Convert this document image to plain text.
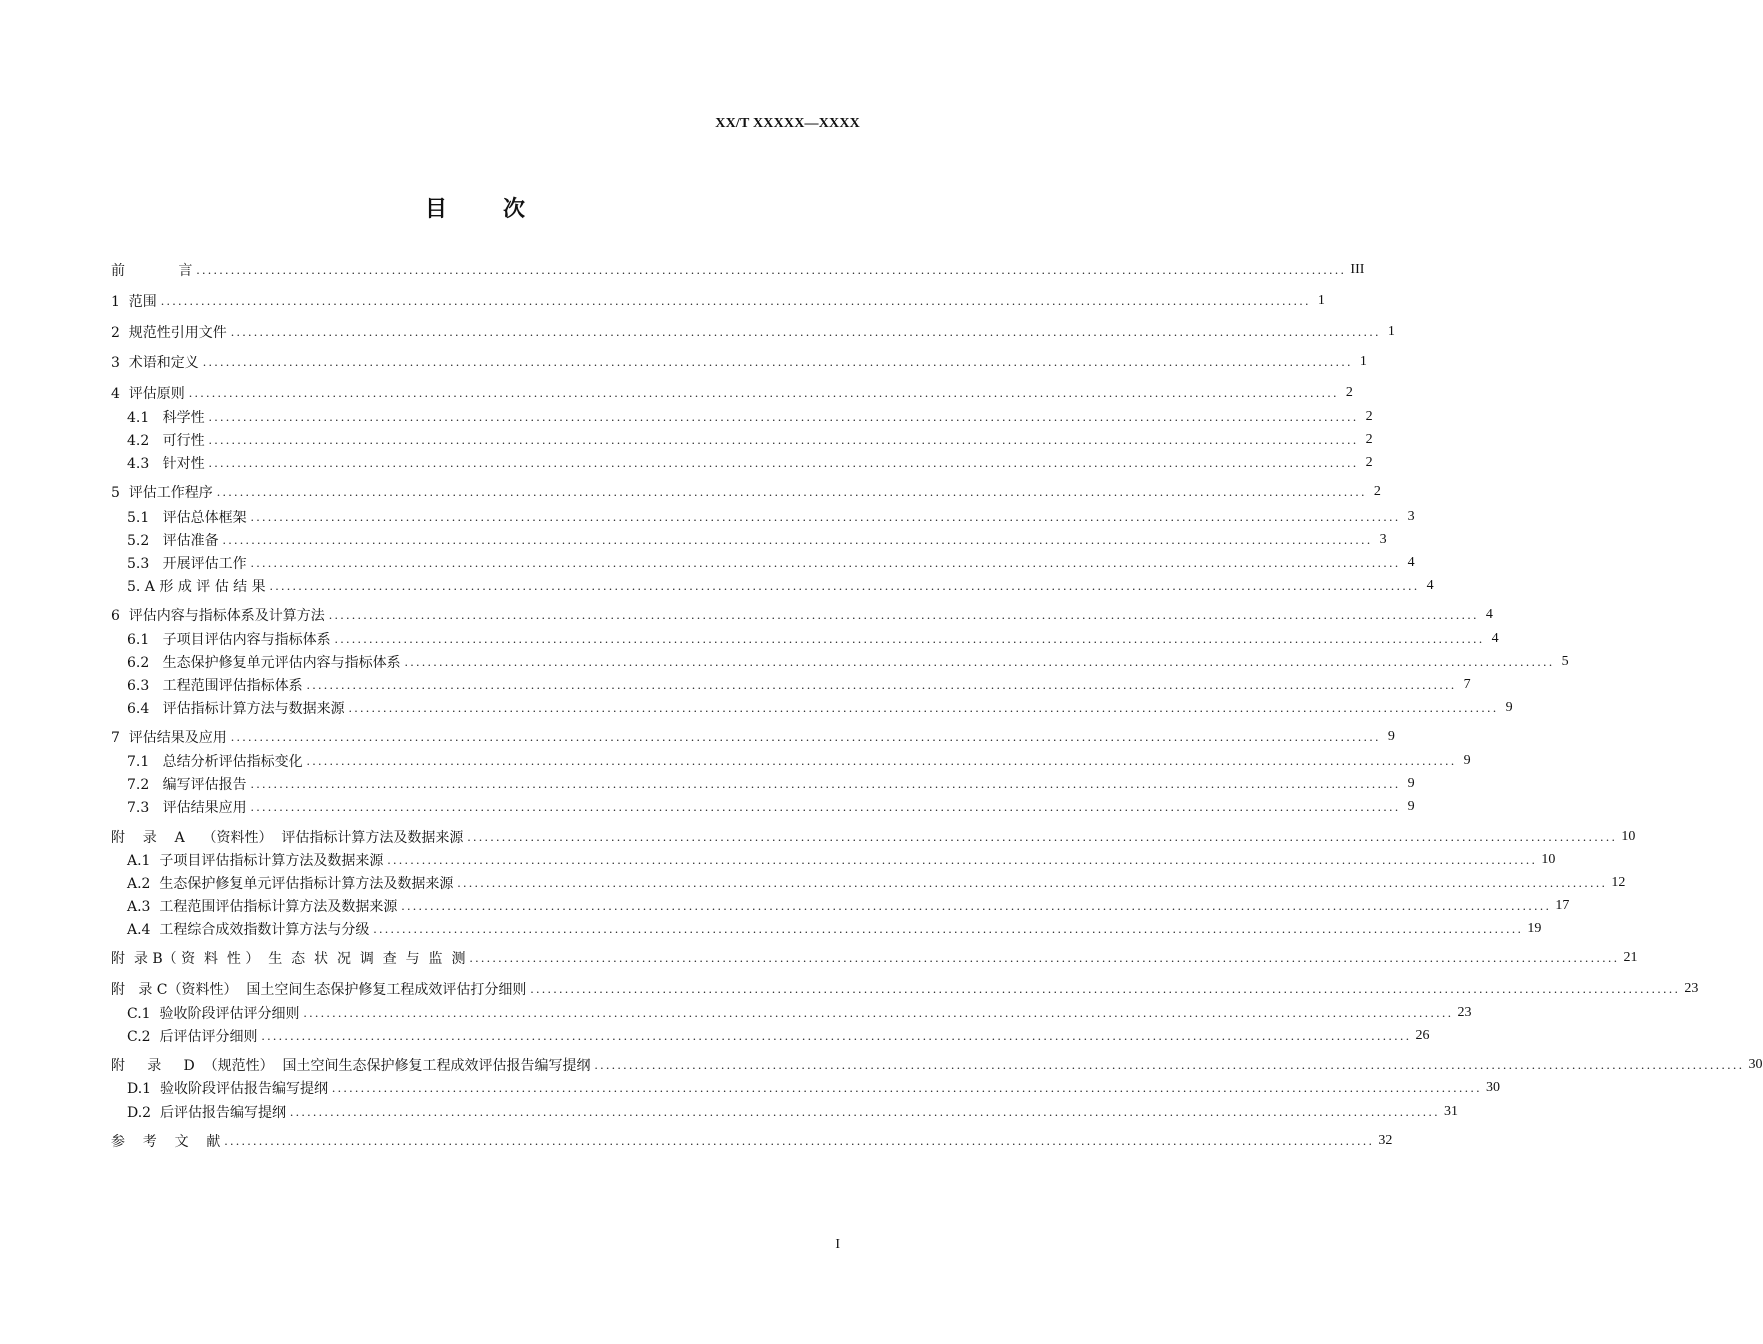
XX/T XXXXX—XXXX
目	次
前            言 ........................................................................................................................................................................................................ III
1  范围 ........................................................................................................................................................................................................ 1
2  规范性引用文件 ........................................................................................................................................................................................................ 1
3  术语和定义 ........................................................................................................................................................................................................ 1
4  评估原则 ........................................................................................................................................................................................................ 2
4.1   科学性 ........................................................................................................................................................................................................ 2
4.2   可行性 ........................................................................................................................................................................................................ 2
4.3   针对性 ........................................................................................................................................................................................................ 2
5  评估工作程序 ........................................................................................................................................................................................................ 2
5.1   评估总体框架 ........................................................................................................................................................................................................ 3
5.2   评估准备 ........................................................................................................................................................................................................ 3
5.3   开展评估工作 ........................................................................................................................................................................................................ 4
5. A 形 成 评 估 结 果 ........................................................................................................................................................................................................ 4
6  评估内容与指标体系及计算方法 ........................................................................................................................................................................................................ 4
6.1   子项目评估内容与指标体系 ........................................................................................................................................................................................................ 4
6.2   生态保护修复单元评估内容与指标体系 ........................................................................................................................................................................................................ 5
6.3   工程范围评估指标体系 ........................................................................................................................................................................................................ 7
6.4   评估指标计算方法与数据来源 ........................................................................................................................................................................................................ 9
7  评估结果及应用 ........................................................................................................................................................................................................ 9
7.1   总结分析评估指标变化 ........................................................................................................................................................................................................ 9
7.2   编写评估报告 ........................................................................................................................................................................................................ 9
7.3   评估结果应用 ........................................................................................................................................................................................................ 9
附    录    A    （资料性）  评估指标计算方法及数据来源 ........................................................................................................................................................................................................ 10
A.1  子项目评估指标计算方法及数据来源 ........................................................................................................................................................................................................ 10
A.2  生态保护修复单元评估指标计算方法及数据来源 ........................................................................................................................................................................................................ 12
A.3  工程范围评估指标计算方法及数据来源 ........................................................................................................................................................................................................ 17
A.4  工程综合成效指数计算方法与分级 ........................................................................................................................................................................................................ 19
附  录 B（ 资  料  性 ）  生  态  状  况  调  查  与  监  测 ........................................................................................................................................................................................................ 21
附   录 C（资料性）  国土空间生态保护修复工程成效评估打分细则 ........................................................................................................................................................................................................ 23
C.1  验收阶段评估评分细则 ........................................................................................................................................................................................................ 23
C.2  后评估评分细则 ........................................................................................................................................................................................................ 26
附     录     D  （规范性）  国土空间生态保护修复工程成效评估报告编写提纲 ........................................................................................................................................................................................................ 30
D.1  验收阶段评估报告编写提纲 ........................................................................................................................................................................................................ 30
D.2  后评估报告编写提纲 ........................................................................................................................................................................................................ 31
参    考    文    献 ........................................................................................................................................................................................................ 32
I
